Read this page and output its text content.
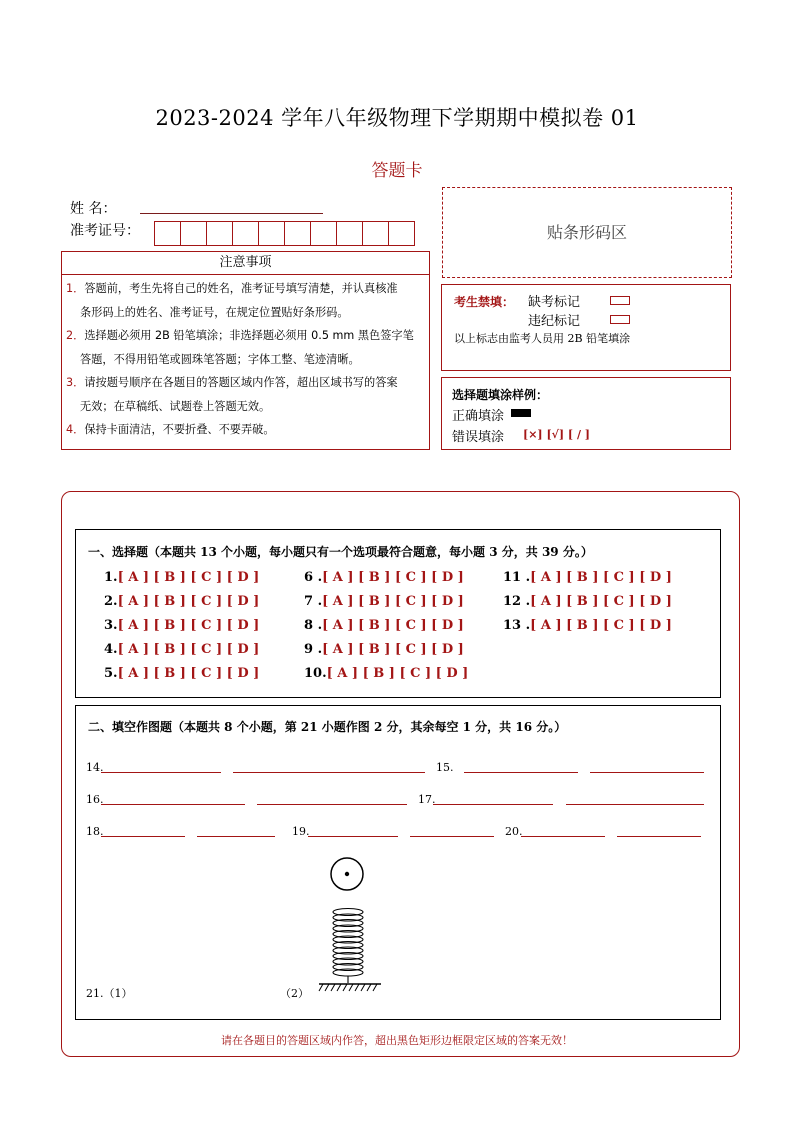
2023-2024 学年八年级物理下学期期中模拟卷 01
答题卡
姓 名：
准考证号：
注意事项

1．答题前，考生先将自己的姓名，准考证号填写清楚，并认真核准

条形码上的姓名、准考证号，在规定位置贴好条形码。

2．选择题必须用 2B 铅笔填涂；非选择题必须用 0.5 mm 黑色签字笔

答题，不得用铅笔或圆珠笔答题；字体工整、笔迹清晰。

3．请按题号顺序在各题目的答题区域内作答，超出区域书写的答案

无效；在草稿纸、试题卷上答题无效。

4．保持卡面清洁，不要折叠、不要弄破。

贴条形码区
考生禁填： 缺考标记
违纪标记
以上标志由监考人员用 2B 铅笔填涂
选择题填涂样例：
正确填涂
错误填涂 [×] [√] [ / ]
一、选择题（本题共 13 个小题，每小题只有一个选项最符合题意，每小题 3 分，共 39 分。）
1.[ A ] [ B ] [ C ] [ D ]
2.[ A ] [ B ] [ C ] [ D ]
3.[ A ] [ B ] [ C ] [ D ]
4.[ A ] [ B ] [ C ] [ D ]
5.[ A ] [ B ] [ C ] [ D ]
6 .[ A ] [ B ] [ C ] [ D ]
7 .[ A ] [ B ] [ C ] [ D ]
8 .[ A ] [ B ] [ C ] [ D ]
9 .[ A ] [ B ] [ C ] [ D ]
10.[ A ] [ B ] [ C ] [ D ]
11 .[ A ] [ B ] [ C ] [ D ]
12 .[ A ] [ B ] [ C ] [ D ]
13 .[ A ] [ B ] [ C ] [ D ]
二、填空作图题（本题共 8 个小题，第 21 小题作图 2 分，其余每空 1 分，共 16 分。）
14.	15.
16.	17.
18.	19.	20.
21.（1）	（2）
请在各题目的答题区域内作答，超出黑色矩形边框限定区域的答案无效！
